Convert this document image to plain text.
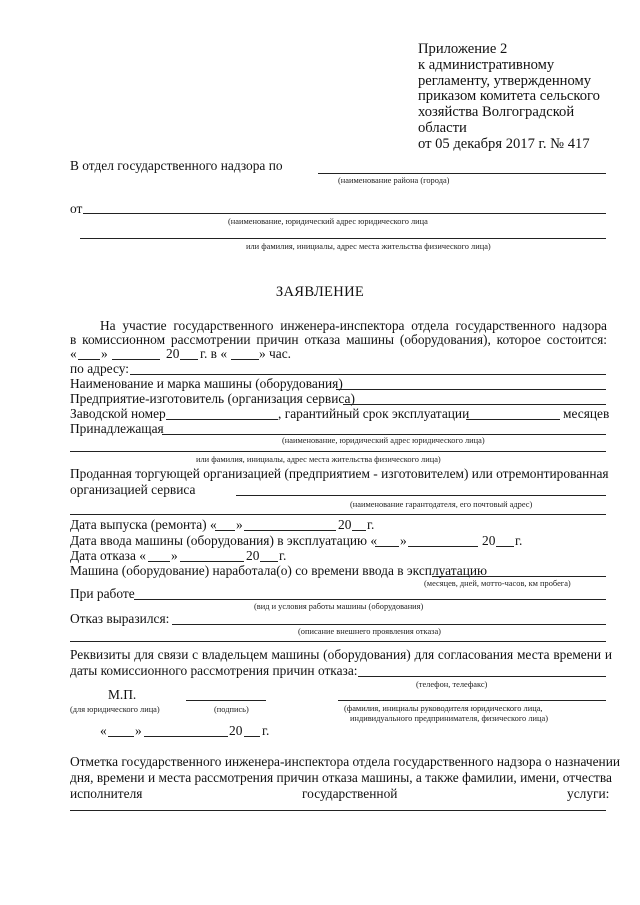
Приложение 2
к административному
регламенту, утвержденному
приказом комитета сельского
хозяйства Волгоградской
области
от 05 декабря 2017 г. № 417
В отдел государственного надзора по
(наименование района (города)
от
(наименование, юридический адрес юридического лица
или фамилия, инициалы, адрес места жительства физического лица)
ЗАЯВЛЕНИЕ
На участие государственного инженера-инспектора отдела государственного надзора
в комиссионном рассмотрении причин отказа машины (оборудования), которое состоится:
« »	20 г. в « » час.
по адресу:
Наименование и марка машины (оборудования)
Предприятие-изготовитель (организация сервиса)
Заводской номер	, гарантийный срок эксплуатации	месяцев
Принадлежащая
(наименование, юридический адрес юридического лица)
или фамилия, инициалы, адрес места жительства физического лица)
Проданная торгующей организацией (предприятием - изготовителем) или отремонтированная
организацией сервиса
(наименование гарантодателя, его почтовый адрес)
Дата выпуска (ремонта) « »	20 г.
Дата ввода машины (оборудования) в эксплуатацию « »	20 г.
Дата отказа « »	20 г.
Машина (оборудование) наработала(о) со времени ввода в эксплуатацию
(месяцев, дней, мотто-часов, км пробега)
При работе
(вид и условия работы машины (оборудования)
Отказ выразился:
(описание внешнего проявления отказа)
Реквизиты для связи с владельцем машины (оборудования) для согласования места времени и
даты комиссионного рассмотрения причин отказа:
(телефон, телефакс)
М.П.
(для юридического лица)	(подпись)	(фамилия, инициалы руководителя юридического лица,
индивидуального предпринимателя, физического лица)
« »	20 г.
Отметка государственного инженера-инспектора отдела государственного надзора о назначении
дня, времени и места рассмотрения причин отказа машины, а также фамилии, имени, отчества
исполнителя	государственной	услуги:
